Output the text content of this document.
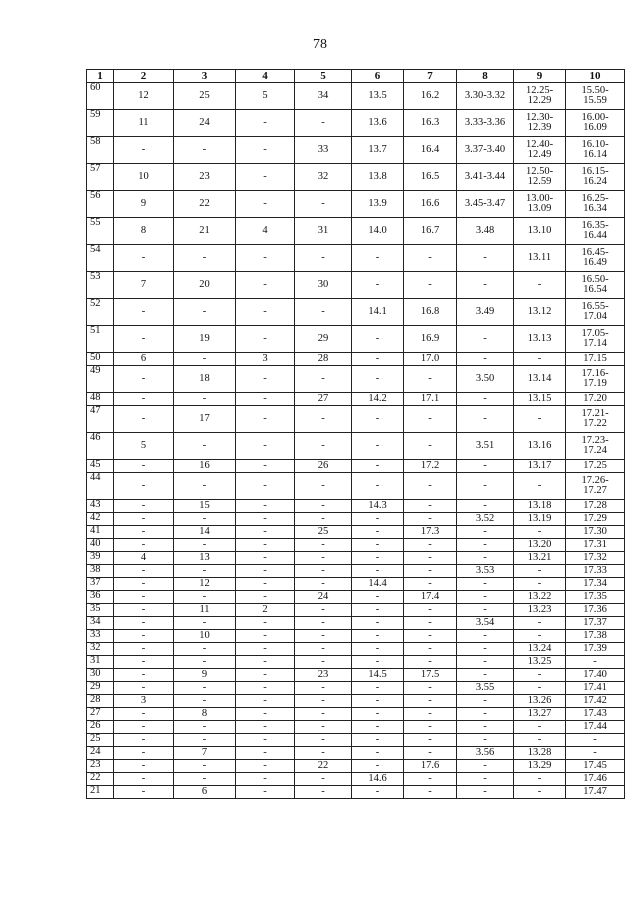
78
1	2	3	4	5	6	7	8	9	10
60	12	25	5	34	13.5	16.2	3.30-3.32	12.25-
12.29	15.50-
15.59
59	11	24	-	-	13.6	16.3	3.33-3.36	12.30-
12.39	16.00-
16.09
58	-	-	-	33	13.7	16.4	3.37-3.40	12.40-
12.49	16.10-
16.14
57	10	23	-	32	13.8	16.5	3.41-3.44	12.50-
12.59	16.15-
16.24
56	9	22	-	-	13.9	16.6	3.45-3.47	13.00-
13.09	16.25-
16.34
55	8	21	4	31	14.0	16.7	3.48	13.10	16.35-
16.44
54	-	-	-	-	-	-	-	13.11	16.45-
16.49
53	7	20	-	30	-	-	-	-	16.50-
16.54
52	-	-	-	-	14.1	16.8	3.49	13.12	16.55-
17.04
51	-	19	-	29	-	16.9	-	13.13	17.05-
17.14
50	6	-	3	28	-	17.0	-	-	17.15
49	-	18	-	-	-	-	3.50	13.14	17.16-
17.19
48	-	-	-	27	14.2	17.1	-	13.15	17.20
47	-	17	-	-	-	-	-	-	17.21-
17.22
46	5	-	-	-	-	-	3.51	13.16	17.23-
17.24
45	-	16	-	26	-	17.2	-	13.17	17.25
44	-	-	-	-	-	-	-	-	17.26-
17.27
43	-	15	-	-	14.3	-	-	13.18	17.28
42	-	-	-	-	-	-	3.52	13.19	17.29
41	-	14	-	25	-	17.3	-	-	17.30
40	-	-	-	-	-	-	-	13.20	17.31
39	4	13	-	-	-	-	-	13.21	17.32
38	-	-	-	-	-	-	3.53	-	17.33
37	-	12	-	-	14.4	-	-	-	17.34
36	-	-	-	24	-	17.4	-	13.22	17.35
35	-	11	2	-	-	-	-	13.23	17.36
34	-	-	-	-	-	-	3.54	-	17.37
33	-	10	-	-	-	-	-	-	17.38
32	-	-	-	-	-	-	-	13.24	17.39
31	-	-	-	-	-	-	-	13.25	-
30	-	9	-	23	14.5	17.5	-	-	17.40
29	-	-	-	-	-	-	3.55	-	17.41
28	3	-	-	-	-	-	-	13.26	17.42
27	-	8	-	-	-	-	-	13.27	17.43
26	-	-	-	-	-	-	-	-	17.44
25	-	-	-	-	-	-	-	-	-
24	-	7	-	-	-	-	3.56	13.28	-
23	-	-	-	22	-	17.6	-	13.29	17.45
22	-	-	-	-	14.6	-	-	-	17.46
21	-	6	-	-	-	-	-	-	17.47
